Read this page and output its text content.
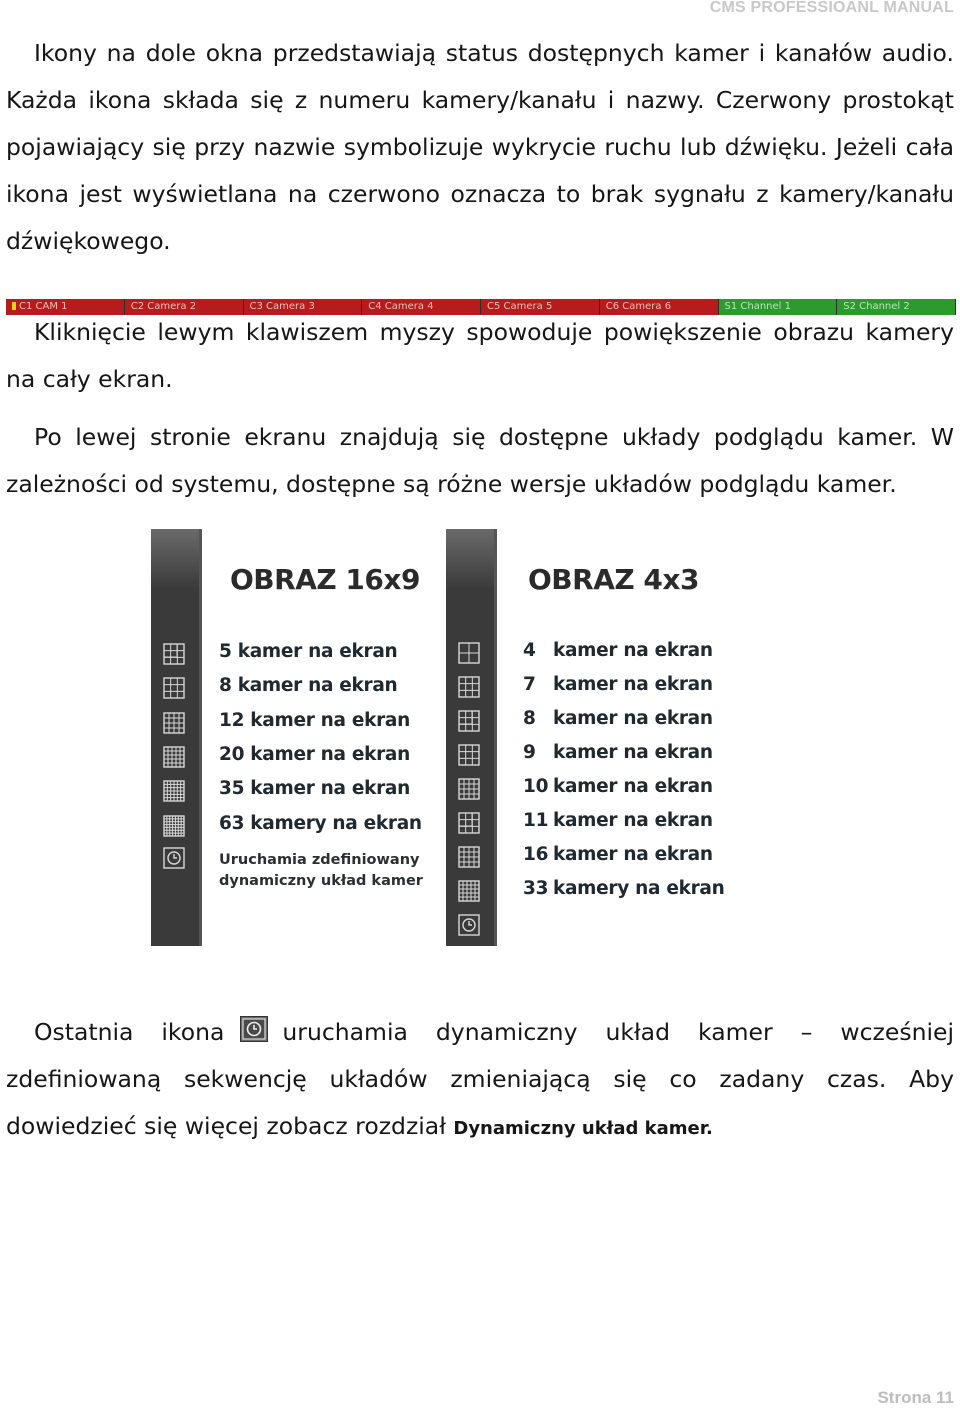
CMS PROFESSIOANL MANUAL

Ikony na dole okna przedstawiają status dostępnych kamer i kanałów audio. Każda ikona składa się z numeru kamery/kanału i nazwy. Czerwony prostokąt pojawiający się przy nazwie symbolizuje wykrycie ruchu lub dźwięku. Jeżeli cała ikona jest wyświetlana na czerwono oznacza to brak sygnału z kamery/kanału dźwiękowego.

C1 CAM 1	C2 Camera 2	C3 Camera 3	C4 Camera 4	C5 Camera 5	C6 Camera 6	S1 Channel 1	S2 Channel 2

Kliknięcie lewym klawiszem myszy spowoduje powiększenie obrazu kamery na cały ekran.

Po lewej stronie ekranu znajdują się dostępne układy podglądu kamer. W zależności od systemu, dostępne są różne wersje układów podglądu kamer.

OBRAZ 16x9
5 kamer na ekran
8 kamer na ekran
12 kamer na ekran
20 kamer na ekran
35 kamer na ekran
63 kamery na ekran
Uruchamia zdefiniowany
dynamiczny układ kamer
OBRAZ 4x3
4 kamer na ekran
7 kamer na ekran
8 kamer na ekran
9 kamer na ekran
10 kamer na ekran
11 kamer na ekran
16 kamer na ekran
33 kamery na ekran

Ostatnia ikona uruchamia dynamiczny układ kamer – wcześniej zdefiniowaną sekwencję układów zmieniającą się co zadany czas. Aby dowiedzieć się więcej zobacz rozdział Dynamiczny układ kamer.

Strona 11
